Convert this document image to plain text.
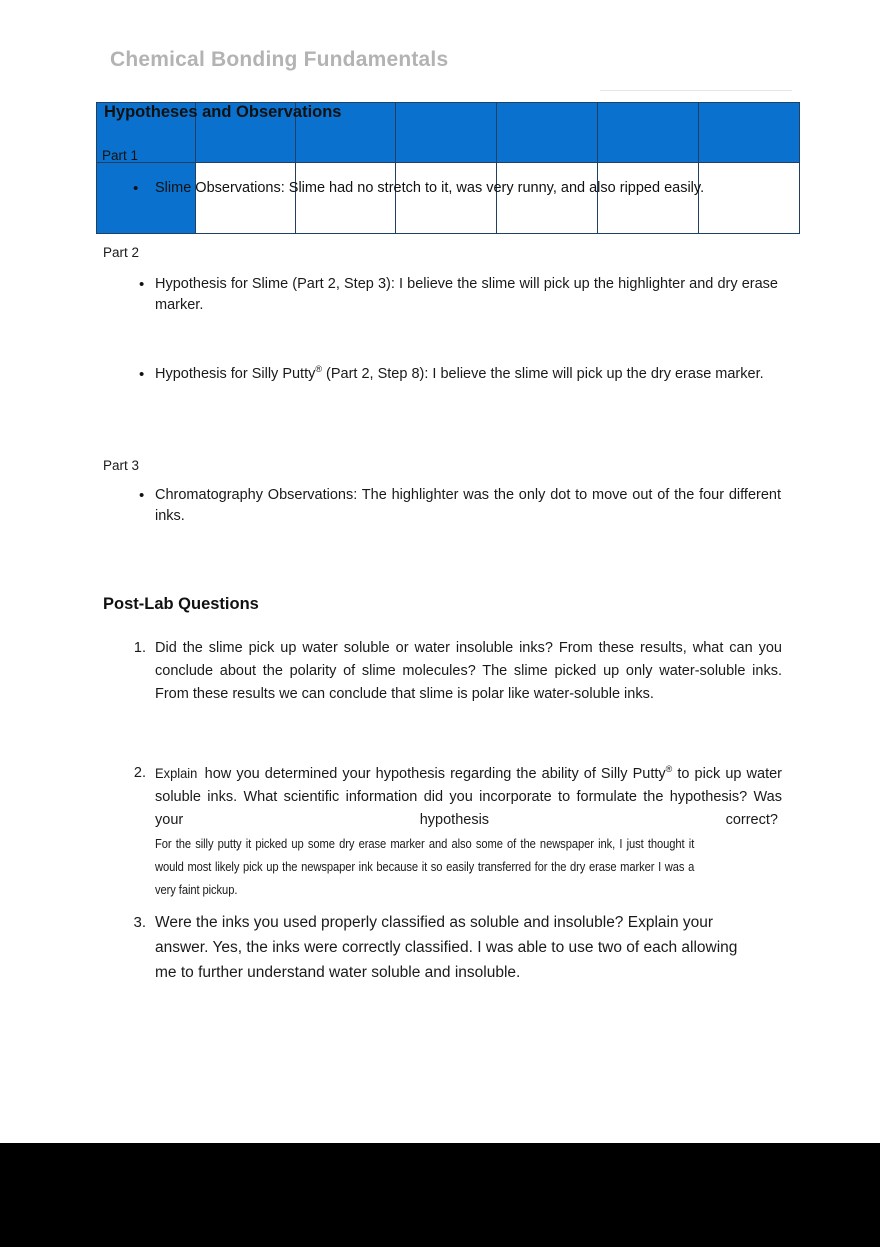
Chemical Bonding Fundamentals

Hypotheses and Observations
Part 1
• Slime Observations: Slime had no stretch to it, was very runny, and also ripped easily.
Part 2
• Hypothesis for Slime (Part 2, Step 3): I believe the slime will pick up the highlighter and dry erase marker.
• Hypothesis for Silly Putty® (Part 2, Step 8): I believe the slime will pick up the dry erase marker.
Part 3
• Chromatography Observations: The highlighter was the only dot to move out of the four different inks.
Post-Lab Questions
1. Did the slime pick up water soluble or water insoluble inks? From these results, what can you conclude about the polarity of slime molecules? The slime picked up only water-soluble inks. From these results we can conclude that slime is polar like water-soluble inks.
2. Explain how you determined your hypothesis regarding the ability of Silly Putty® to pick up water soluble inks. What scientific information did you incorporate to formulate the hypothesis? Was your hypothesis correct?  For the silly putty it picked up some dry erase marker and also some of the newspaper ink, I just thought it would most likely pick up the newspaper ink because it so easily transferred for the dry erase marker I was a very faint pickup.
3. Were the inks you used properly classified as soluble and insoluble? Explain your answer. Yes, the inks were correctly classified. I was able to use two of each allowing me to further understand water soluble and insoluble.
